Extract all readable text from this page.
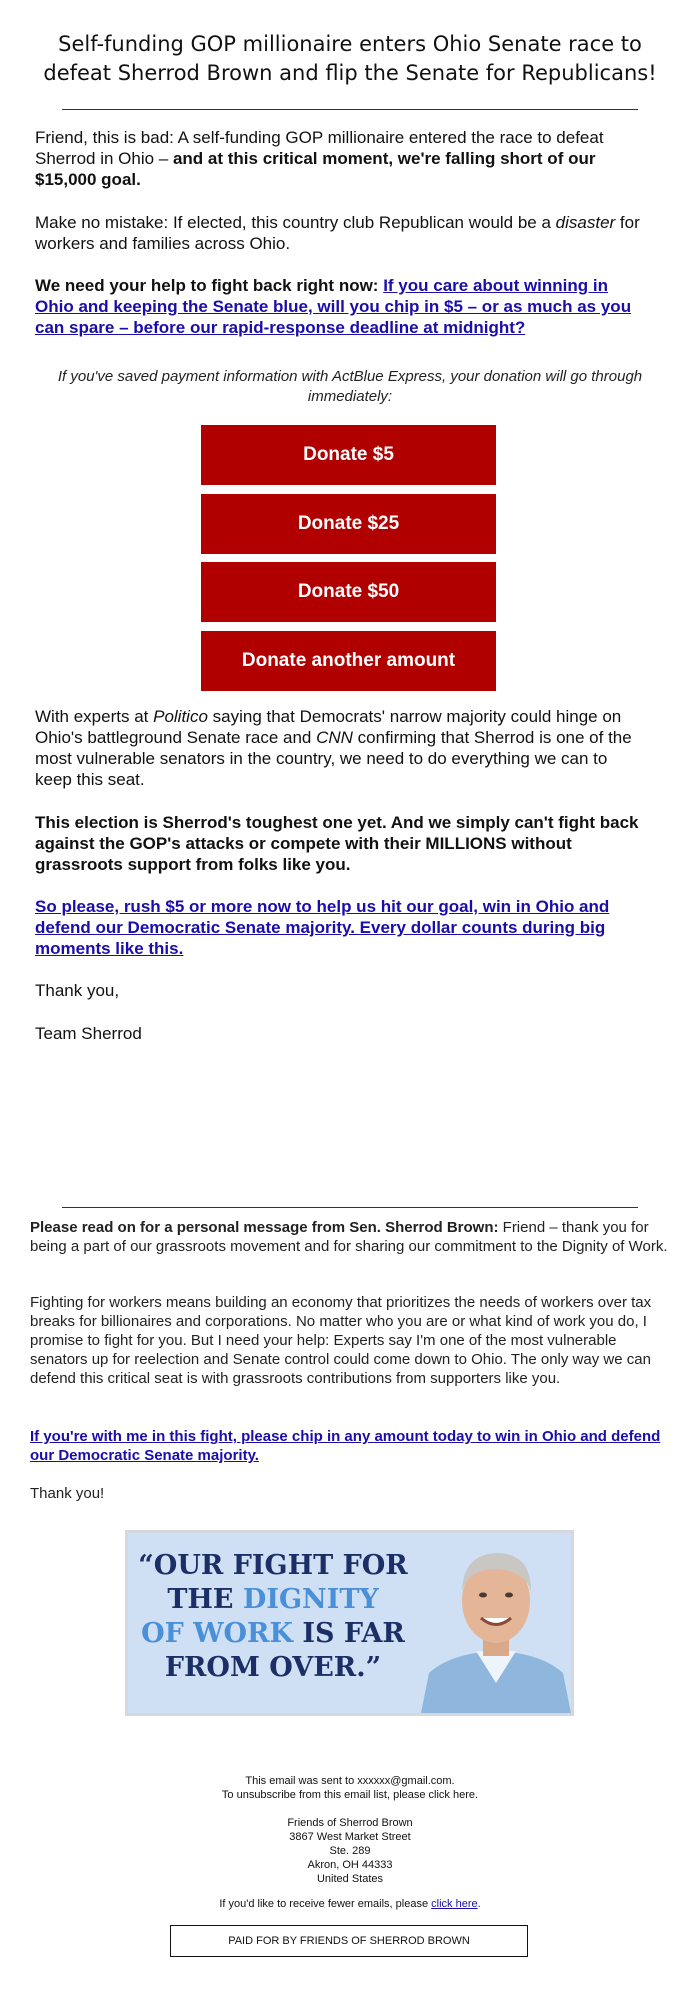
Self-funding GOP millionaire enters Ohio Senate race to defeat Sherrod Brown and flip the Senate for Republicans!

Friend, this is bad: A self-funding GOP millionaire entered the race to defeat Sherrod in Ohio – and at this critical moment, we're falling short of our $15,000 goal.

Make no mistake: If elected, this country club Republican would be a disaster for workers and families across Ohio.

We need your help to fight back right now: If you care about winning in Ohio and keeping the Senate blue, will you chip in $5 – or as much as you can spare – before our rapid-response deadline at midnight?

If you've saved payment information with ActBlue Express, your donation will go through immediately:
Donate $5
Donate $25
Donate $50
Donate another amount

With experts at Politico saying that Democrats' narrow majority could hinge on Ohio's battleground Senate race and CNN confirming that Sherrod is one of the most vulnerable senators in the country, we need to do everything we can to keep this seat.

This election is Sherrod's toughest one yet. And we simply can't fight back against the GOP's attacks or compete with their MILLIONS without grassroots support from folks like you.

So please, rush $5 or more now to help us hit our goal, win in Ohio and defend our Democratic Senate majority. Every dollar counts during big moments like this.

Thank you,

Team Sherrod

Please read on for a personal message from Sen. Sherrod Brown: Friend – thank you for being a part of our grassroots movement and for sharing our commitment to the Dignity of Work.

Fighting for workers means building an economy that prioritizes the needs of workers over tax breaks for billionaires and corporations. No matter who you are or what kind of work you do, I promise to fight for you. But I need your help: Experts say I'm one of the most vulnerable senators up for reelection and Senate control could come down to Ohio. The only way we can defend this critical seat is with grassroots contributions from supporters like you.

If you're with me in this fight, please chip in any amount today to win in Ohio and defend our Democratic Senate majority.

Thank you!

“OUR FIGHT FOR
THE DIGNITY
OF WORK IS FAR
FROM OVER.”

This email was sent to xxxxxx@gmail.com.

To unsubscribe from this email list, please click here.

Friends of Sherrod Brown

3867 West Market Street

Ste. 289

Akron, OH 44333

United States

If you'd like to receive fewer emails, please click here.

PAID FOR BY FRIENDS OF SHERROD BROWN
